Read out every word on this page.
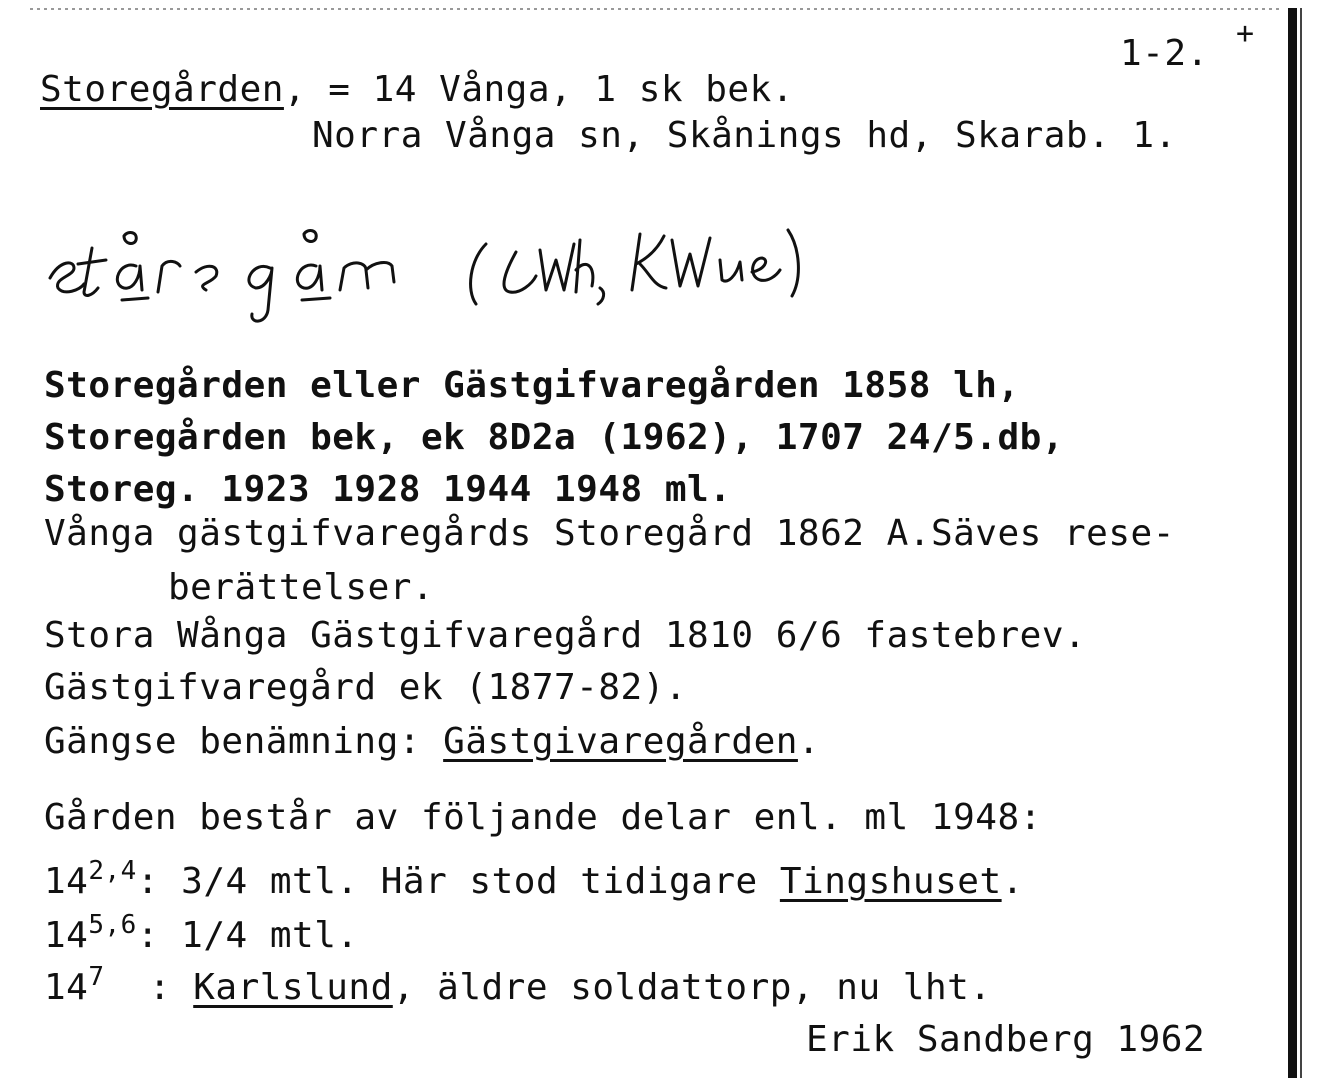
1-2. +
Storegården, = 14 Vånga, 1 sk bek.
Norra Vånga sn, Skånings hd, Skarab. 1.
Storegården eller Gästgifvaregården 1858 lh,
Storegården bek, ek 8D2a (1962), 1707 24/5.db,
Storeg. 1923 1928 1944 1948 ml.
Vånga gästgifvaregårds Storegård 1862 A.Säves rese-
berättelser.
Stora Wånga Gästgifvaregård 1810 6/6 fastebrev.
Gästgifvaregård ek (1877-82).
Gängse benämning: Gästgivaregården.
Gården består av följande delar enl. ml 1948:
14$^{2,4}$: 3/4 mtl. Här stod tidigare Tingshuset.
14$^{5,6}$: 1/4 mtl.
$14^7$  : Karlslund, äldre soldattorp, nu lht.
Erik Sandberg 1962
